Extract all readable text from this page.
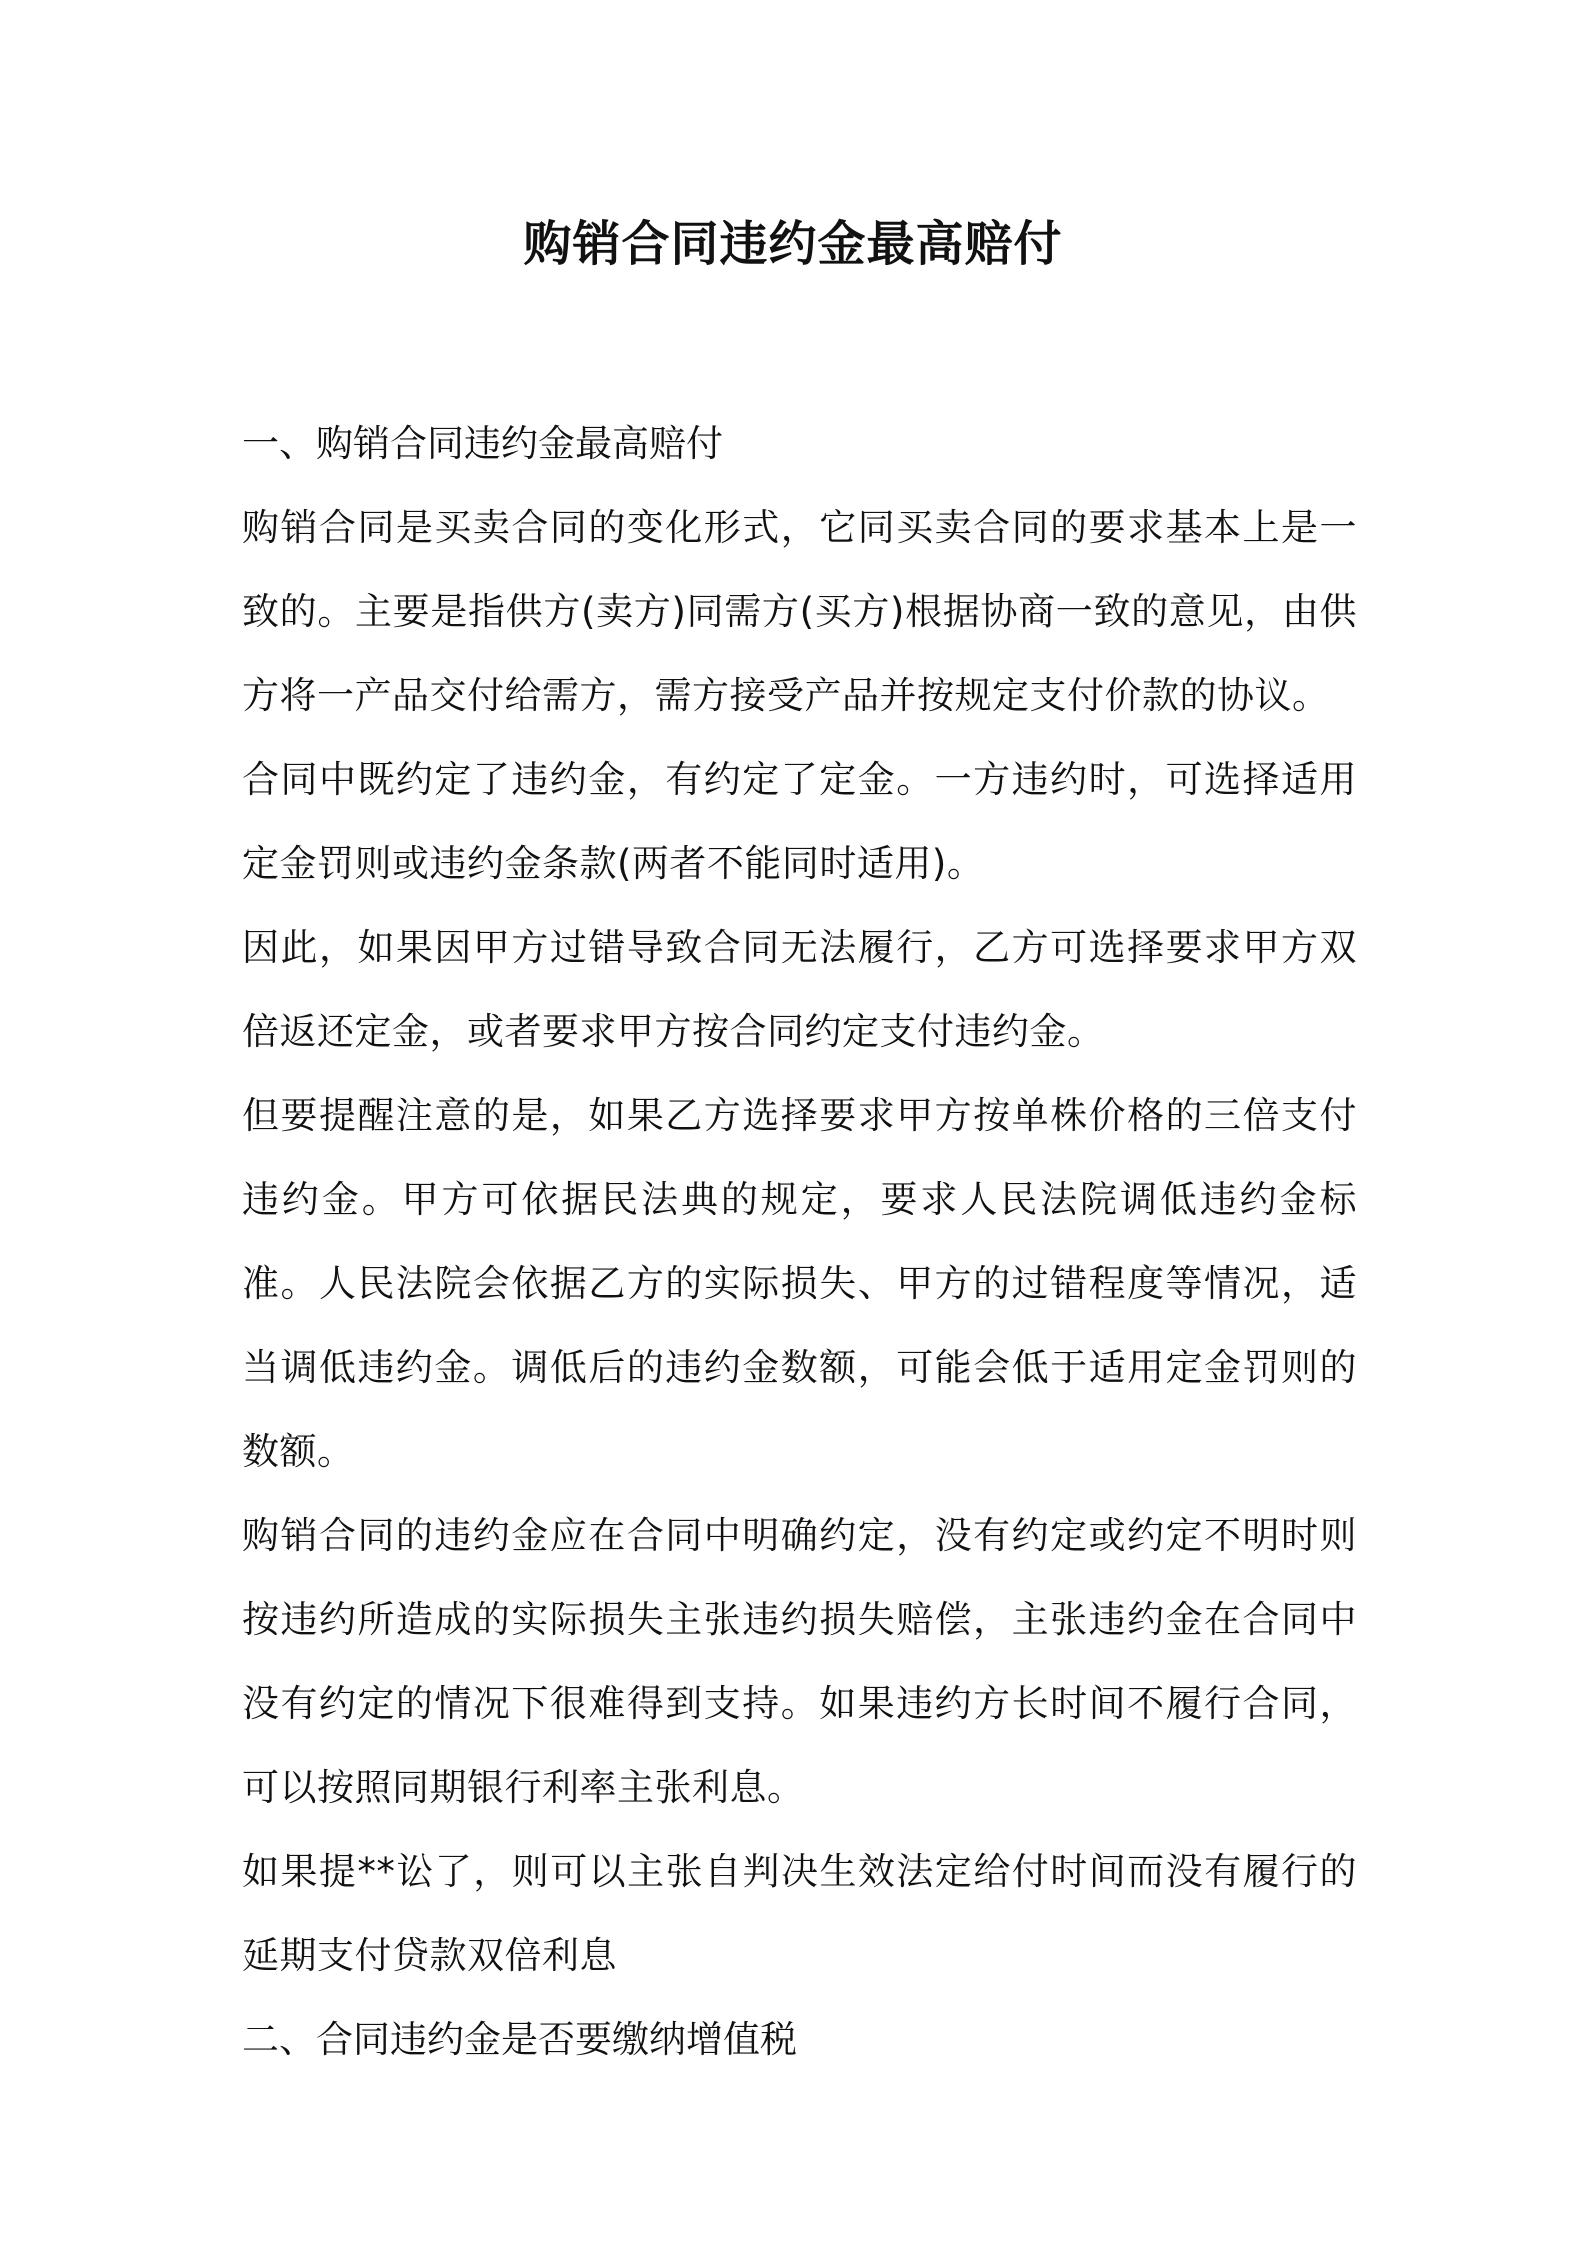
购销合同违约金最高赔付

一、购销合同违约金最高赔付

购销合同是买卖合同的变化形式，它同买卖合同的要求基本上是一致的。主要是指供方(卖方)同需方(买方)根据协商一致的意见，由供方将一产品交付给需方，需方接受产品并按规定支付价款的协议。

合同中既约定了违约金，有约定了定金。一方违约时，可选择适用定金罚则或违约金条款(两者不能同时适用)。

因此，如果因甲方过错导致合同无法履行，乙方可选择要求甲方双倍返还定金，或者要求甲方按合同约定支付违约金。

但要提醒注意的是，如果乙方选择要求甲方按单株价格的三倍支付违约金。甲方可依据民法典的规定，要求人民法院调低违约金标准。人民法院会依据乙方的实际损失、甲方的过错程度等情况，适当调低违约金。调低后的违约金数额，可能会低于适用定金罚则的数额。

购销合同的违约金应在合同中明确约定，没有约定或约定不明时则按违约所造成的实际损失主张违约损失赔偿，主张违约金在合同中没有约定的情况下很难得到支持。如果违约方长时间不履行合同，可以按照同期银行利率主张利息。

如果提**讼了，则可以主张自判决生效法定给付时间而没有履行的延期支付贷款双倍利息

二、合同违约金是否要缴纳增值税
